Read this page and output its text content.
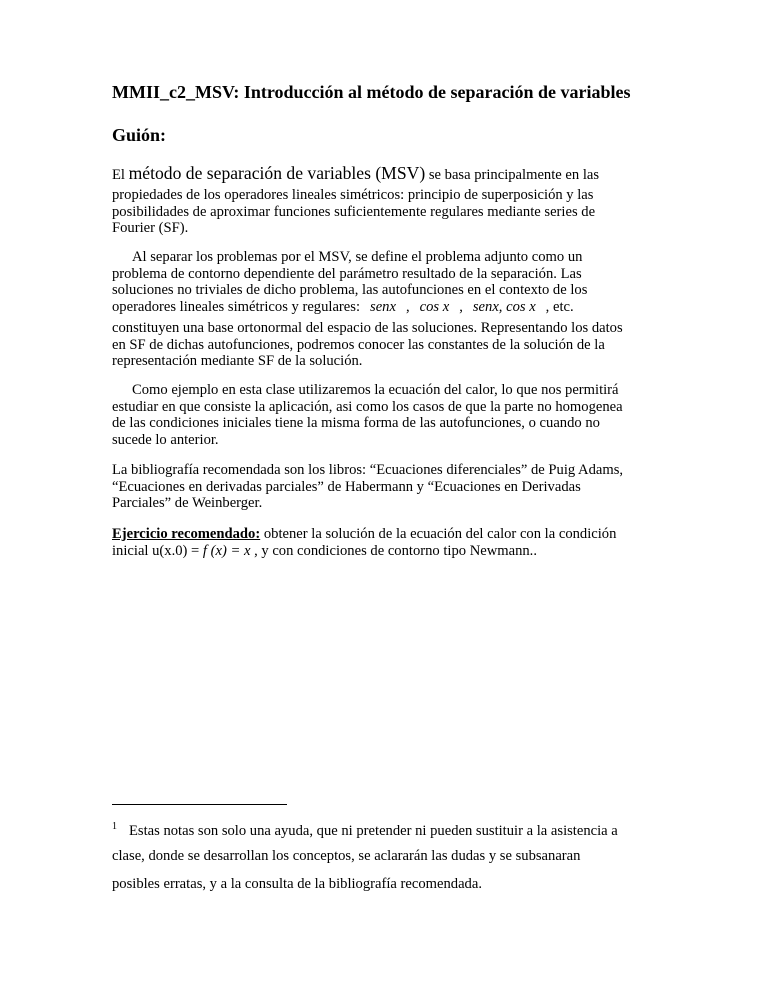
MMII_c2_MSV: Introducción al método de separación de variables
Guión:
El método de separación de variables (MSV) se basa principalmente en las
propiedades de los operadores lineales simétricos: principio de superposición y las
posibilidades de aproximar funciones suficientemente regulares mediante series de
Fourier (SF).
Al separar los problemas por el MSV, se define el problema adjunto como un
problema de contorno dependiente del parámetro resultado de la separación. Las
soluciones no triviales de dicho problema, las autofunciones en el contexto de los
operadores lineales simétricos y regulares: senx , cos x , senx, cos x , etc.
constituyen una base ortonormal del espacio de las soluciones. Representando los datos
en SF de dichas autofunciones, podremos conocer las constantes de la solución de la
representación mediante SF de la solución.
Como ejemplo en esta clase utilizaremos la ecuación del calor, lo que nos permitirá
estudiar en que consiste la aplicación, asi como los casos de que la parte no homogenea
de las condiciones iniciales tiene la misma forma de las autofunciones, o cuando no
sucede lo anterior.
La bibliografía recomendada son los libros: “Ecuaciones diferenciales” de Puig Adams,
“Ecuaciones en derivadas parciales” de Habermann y “Ecuaciones en Derivadas
Parciales” de Weinberger.
Ejercicio recomendado: obtener la solución de la ecuación del calor con la condición
inicial u(x.0) = f (x) = x , y con condiciones de contorno tipo Newmann..
$^1$ Estas notas son solo una ayuda, que ni pretender ni pueden sustituir a la asistencia a
clase, donde se desarrollan los conceptos, se aclararán las dudas y se subsanaran
posibles erratas, y a la consulta de la bibliografía recomendada.
